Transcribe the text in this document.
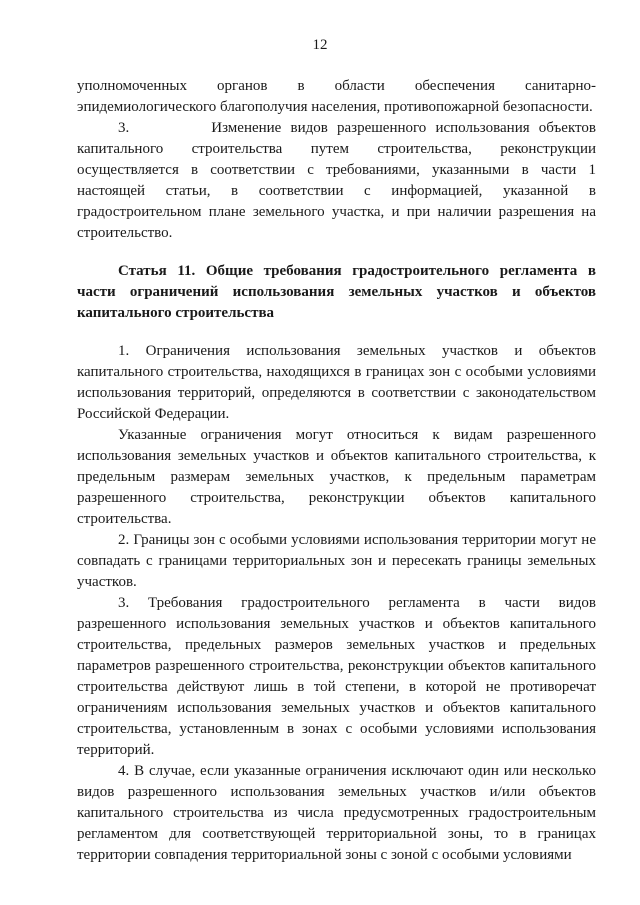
12

уполномоченных органов в области обеспечения санитарно-эпидемиологического благополучия населения, противопожарной безопасности.

3.	Изменение видов разрешенного использования объектов капитального строительства путем строительства, реконструкции осуществляется в соответствии с требованиями, указанными в части 1 настоящей статьи, в соответствии с информацией, указанной в градостроительном плане земельного участка, и при наличии разрешения на строительство.

Статья 11. Общие требования градостроительного регламента в части ограничений использования земельных участков и объектов капитального строительства

1. Ограничения использования земельных участков и объектов капитального строительства, находящихся в границах зон с особыми условиями использования территорий, определяются в соответствии с законодательством Российской Федерации.

Указанные ограничения могут относиться к видам разрешенного использования земельных участков и объектов капитального строительства, к предельным размерам земельных участков, к предельным параметрам разрешенного строительства, реконструкции объектов капитального строительства.

2. Границы зон с особыми условиями использования территории могут не совпадать с границами территориальных зон и пересекать границы земельных участков.

3. Требования градостроительного регламента в части видов разрешенного использования земельных участков и объектов капитального строительства, предельных размеров земельных участков и предельных параметров разрешенного строительства, реконструкции объектов капитального строительства действуют лишь в той степени, в которой не противоречат ограничениям использования земельных участков и объектов капитального строительства, установленным в зонах с особыми условиями использования территорий.

4. В случае, если указанные ограничения исключают один или несколько видов разрешенного использования земельных участков и/или объектов капитального строительства из числа предусмотренных градостроительным регламентом для соответствующей территориальной зоны, то в границах территории совпадения территориальной зоны с зоной с особыми условиями
